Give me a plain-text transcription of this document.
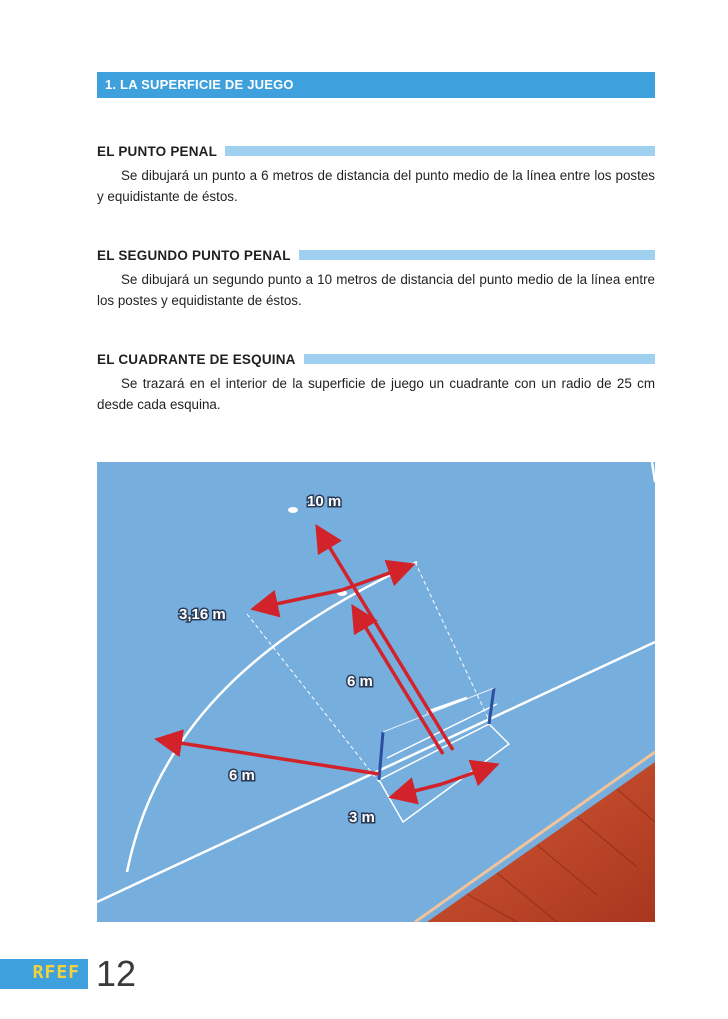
1. LA SUPERFICIE DE JUEGO
EL PUNTO PENAL

Se dibujará un punto a 6 metros de distancia del punto medio de la línea entre los postes y equidistante de éstos.

EL SEGUNDO PUNTO PENAL

Se dibujará un segundo punto a 10 metros de distancia del punto medio de la línea entre los postes y equidistante de éstos.

EL CUADRANTE DE ESQUINA

Se trazará en el interior de la superficie de juego un cuadrante con un radio de 25 cm desde cada esquina.

10 m
3,16 m
6 m
6 m
3 m
RFEF 12
